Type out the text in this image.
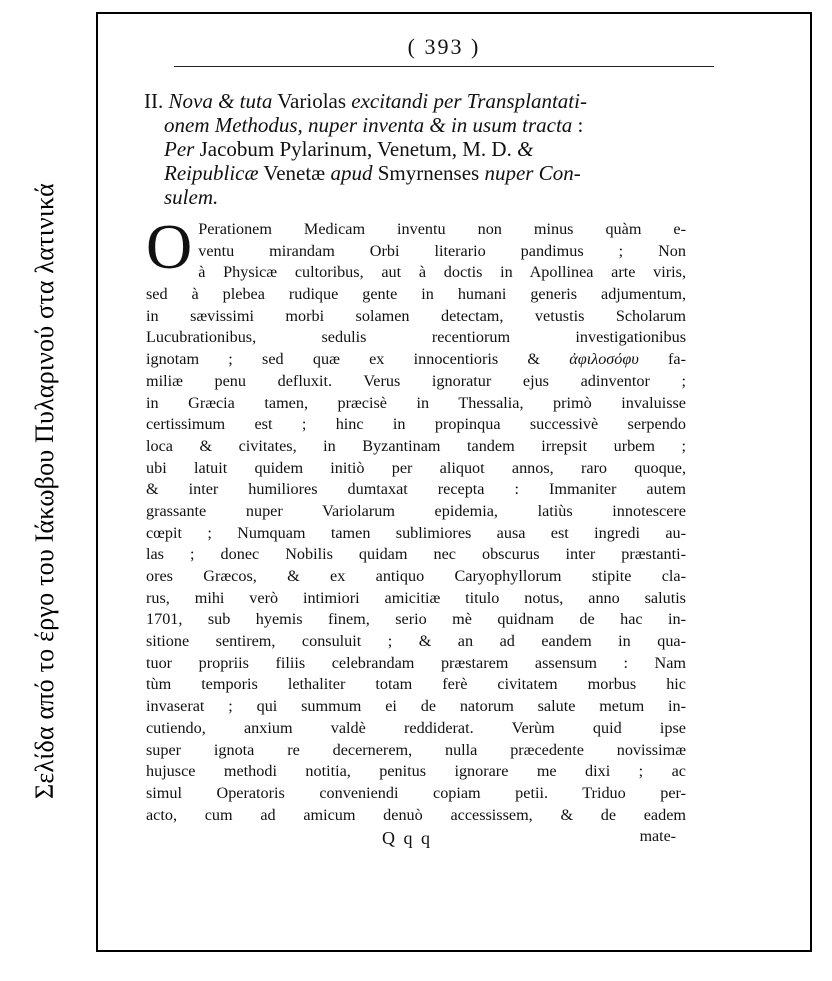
Σελίδα από το έργο του Ιάκωβου Πυλαρινού στα λατινικά
( 393 )
II. Nova & tuta Variolas excitandi per Transplantati-
onem Methodus, nuper inventa & in usum tracta :
Per Jacobum Pylarinum, Venetum, M. D. &
Reipublicæ Venetæ apud Smyrnenses nuper Con-
sulem.
O Perationem Medicam inventu non minus quàm e-
ventu mirandam Orbi literario pandimus ; Non
à Physicæ cultoribus, aut à doctis in Apollinea arte viris,
sed à plebea rudique gente in humani generis adjumentum,
in sævissimi morbi solamen detectam, vetustis Scholarum
Lucubrationibus, sedulis recentiorum investigationibus
ignotam ; sed quæ ex innocentioris & ἀφιλοσόφυ fa-
miliæ penu defluxit. Verus ignoratur ejus adinventor ;
in Græcia tamen, præcisè in Thessalia, primò invaluisse
certissimum est ; hinc in propinqua successivè serpendo
loca & civitates, in Byzantinam tandem irrepsit urbem ;
ubi latuit quidem initiò per aliquot annos, raro quoque,
& inter humiliores dumtaxat recepta : Immaniter autem
grassante nuper Variolarum epidemia, latiùs innotescere
cœpit ; Numquam tamen sublimiores ausa est ingredi au-
las ; donec Nobilis quidam nec obscurus inter præstanti-
ores Græcos, & ex antiquo Caryophyllorum stipite cla-
rus, mihi verò intimiori amicitiæ titulo notus, anno salutis
1701, sub hyemis finem, serio mè quidnam de hac in-
sitione sentirem, consuluit ; & an ad eandem in qua-
tuor propriis filiis celebrandam præstarem assensum : Nam
tùm temporis lethaliter totam ferè civitatem morbus hic
invaserat ; qui summum ei de natorum salute metum in-
cutiendo, anxium valdè reddiderat. Verùm quid ipse
super ignota re decernerem, nulla præcedente novissimæ
hujusce methodi notitia, penitus ignorare me dixi ; ac
simul Operatoris conveniendi copiam petii. Triduo per-
acto, cum ad amicum denuò accessissem, & de eadem
Q q q	mate-
